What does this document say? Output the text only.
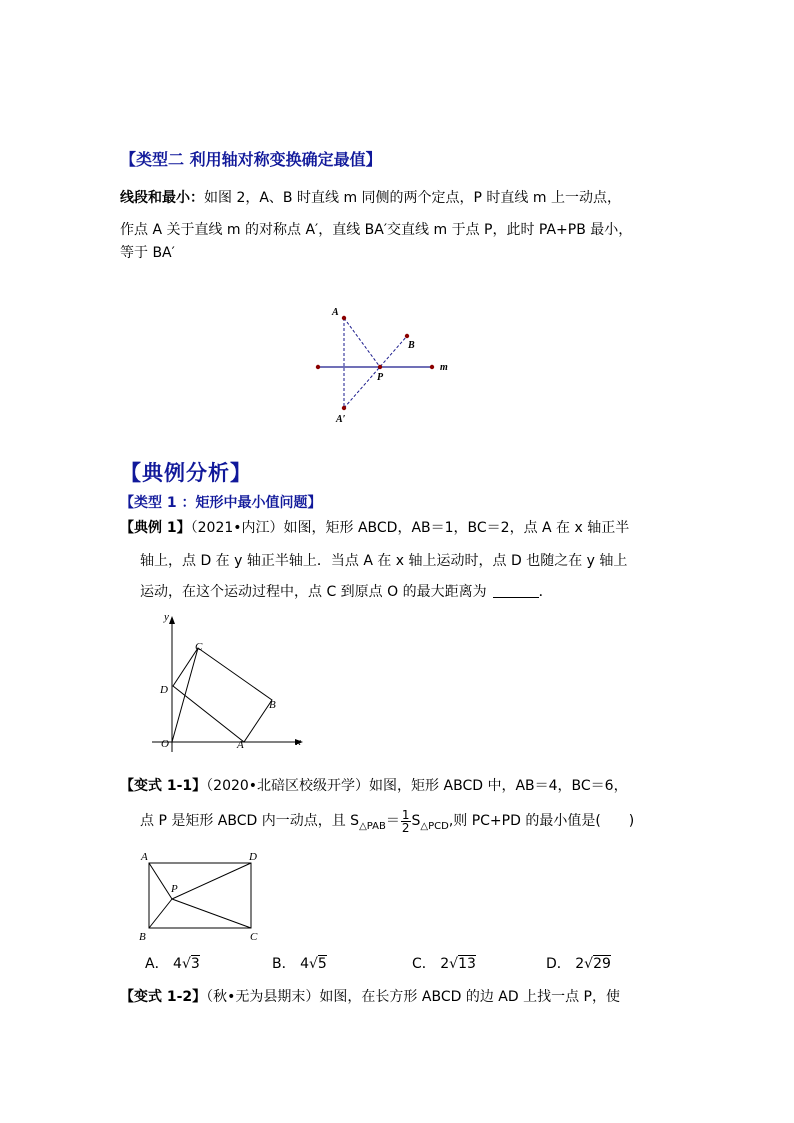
【类型二 利用轴对称变换确定最值】
线段和最小：如图 2，A、B 时直线 m 同侧的两个定点，P 时直线 m 上一动点，
作点 A 关于直线 m 的对称点 A′，直线 BA′交直线 m 于点 P，此时 PA+PB 最小，
等于 BA′
A
B
P
m
A′
【典例分析】
【类型 1 ：矩形中最小值问题】
【典例 1】（2021•内江）如图，矩形 ABCD，AB＝1，BC＝2，点 A 在 x 轴正半
轴上，点 D 在 y 轴正半轴上．当点 A 在 x 轴上运动时，点 D 也随之在 y 轴上
运动，在这个运动过程中，点 C 到原点 O 的最大距离为	．
y
x
O	A
B
C
D
【变式 1-1】（2020•北碚区校级开学）如图，矩形 ABCD 中，AB＝4，BC＝6，
点 P 是矩形 ABCD 内一动点，且 $S_{\triangle PAB}= \frac{1}{2} S_{\triangle PCD}$,则 PC+PD 的最小值是(　　)
A	D
B	C
P
A． 4√3	B． 4√5	C． 2√13	D． 2√29
【变式 1-2】（秋•无为县期末）如图，在长方形 ABCD 的边 AD 上找一点 P，使
